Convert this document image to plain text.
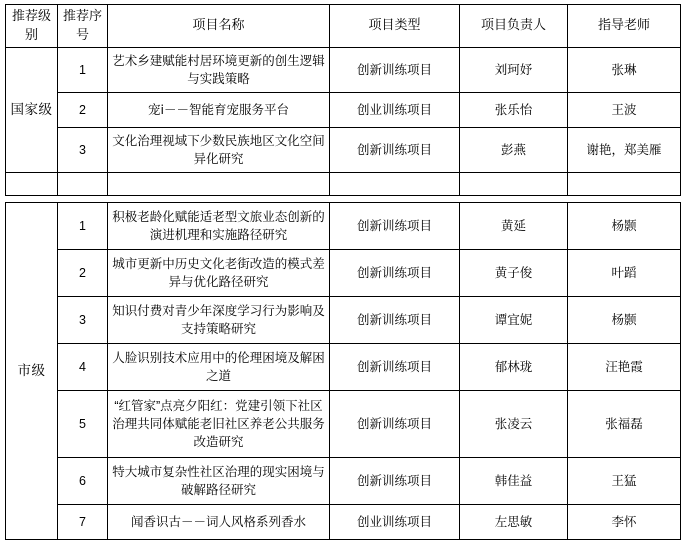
推荐级别	推荐序号	项目名称	项目类型	项目负责人	指导老师
国家级	1	艺术乡建赋能村居环境更新的创生逻辑与实践策略	创新训练项目	刘珂妤	张琳
	2	宠ⅰ－－智能育宠服务平台	创业训练项目	张乐怡	王波
	3	文化治理视域下少数民族地区文化空间异化研究	创新训练项目	彭燕	谢艳，郑美雁

市级	1	积极老龄化赋能适老型文旅业态创新的演进机理和实施路径研究	创新训练项目	黄延	杨颢
	2	城市更新中历史文化老街改造的模式差异与优化路径研究	创新训练项目	黄子俊	叶蹈
	3	知识付费对青少年深度学习行为影响及支持策略研究	创新训练项目	谭宜妮	杨颢
	4	人脸识别技术应用中的伦理困境及解困之道	创新训练项目	郁林珑	汪艳霞
	5	“红管家”点亮夕阳红：党建引领下社区治理共同体赋能老旧社区养老公共服务改造研究	创新训练项目	张凌云	张福磊
	6	特大城市复杂性社区治理的现实困境与破解路径研究	创新训练项目	韩佳益	王猛
	7	闻香识古－－词人风格系列香水	创业训练项目	左思敏	李怀
